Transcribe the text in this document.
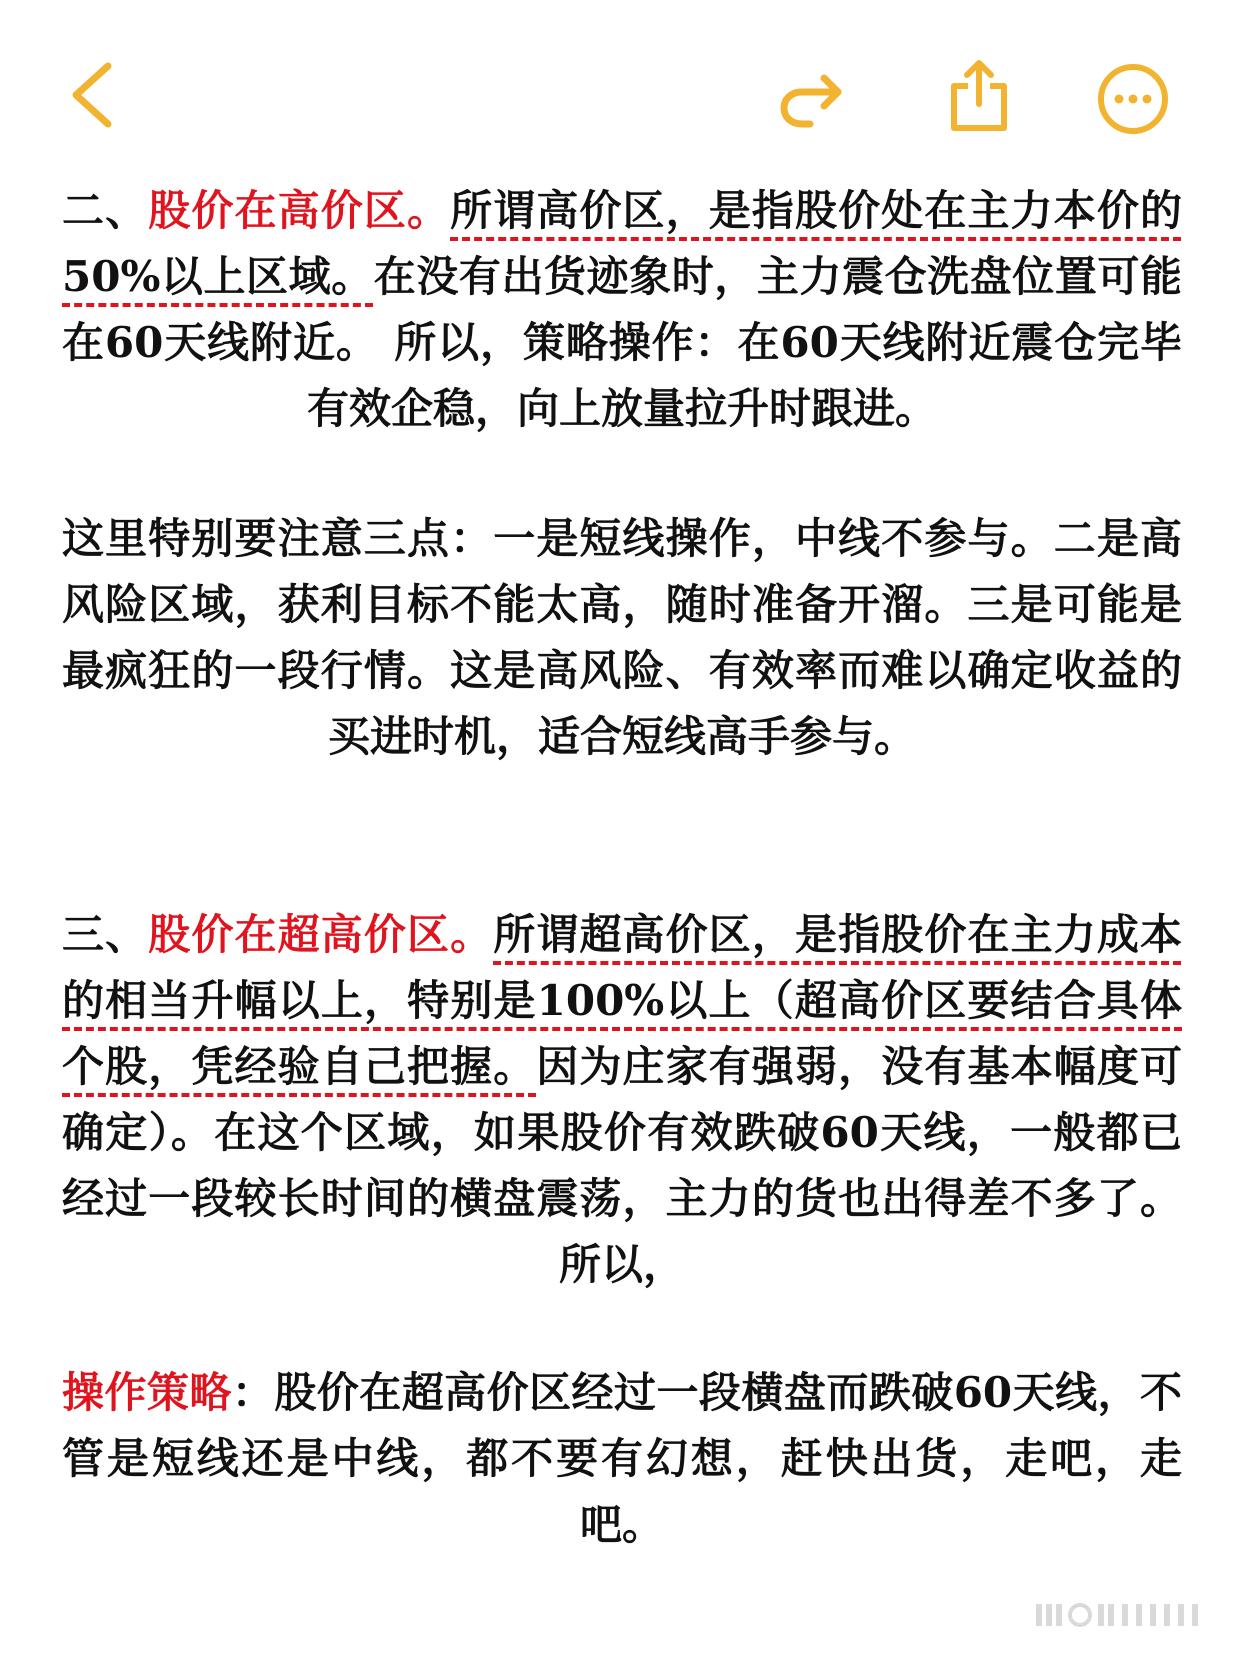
二、股价在高价区。所谓高价区，是指股价处在主力本价的50%以上区域。在没有出货迹象时，主力震仓洗盘位置可能在60天线附近。 所以，策略操作：在60天线附近震仓完毕有效企稳，向上放量拉升时跟进。

这里特别要注意三点：一是短线操作，中线不参与。二是高风险区域，获利目标不能太高，随时准备开溜。三是可能是最疯狂的一段行情。这是高风险、有效率而难以确定收益的买进时机，适合短线高手参与。

三、股价在超高价区。所谓超高价区，是指股价在主力成本的相当升幅以上，特别是100%以上（超高价区要结合具体个股，凭经验自己把握。因为庄家有强弱，没有基本幅度可确定）。在这个区域，如果股价有效跌破60天线，一般都已经过一段较长时间的横盘震荡，主力的货也出得差不多了。 所以，

操作策略：股价在超高价区经过一段横盘而跌破60天线，不管是短线还是中线，都不要有幻想，赶快出货，走吧，走吧。
